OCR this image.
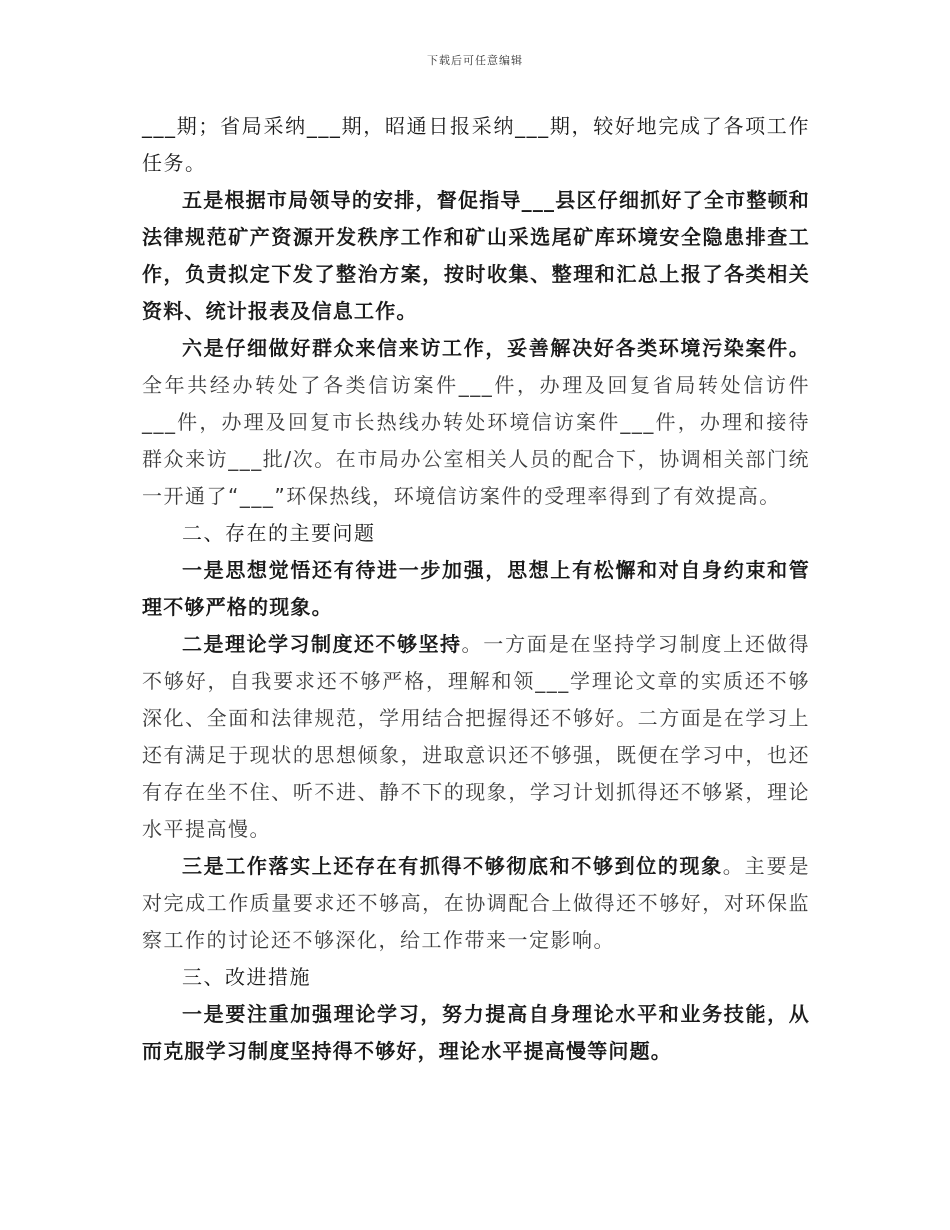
下载后可任意编辑

___期；省局采纳___期，昭通日报采纳___期，较好地完成了各项工作任务。

五是根据市局领导的安排，督促指导___县区仔细抓好了全市整顿和法律规范矿产资源开发秩序工作和矿山采选尾矿库环境安全隐患排查工作，负责拟定下发了整治方案，按时收集、整理和汇总上报了各类相关资料、统计报表及信息工作。

六是仔细做好群众来信来访工作，妥善解决好各类环境污染案件。全年共经办转处了各类信访案件___件，办理及回复省局转处信访件___件，办理及回复市长热线办转处环境信访案件___件，办理和接待群众来访___批/次。在市局办公室相关人员的配合下，协调相关部门统一开通了“___”环保热线，环境信访案件的受理率得到了有效提高。

二、存在的主要问题

一是思想觉悟还有待进一步加强，思想上有松懈和对自身约束和管理不够严格的现象。

二是理论学习制度还不够坚持。一方面是在坚持学习制度上还做得不够好，自我要求还不够严格，理解和领___学理论文章的实质还不够深化、全面和法律规范，学用结合把握得还不够好。二方面是在学习上还有满足于现状的思想倾象，进取意识还不够强，既便在学习中，也还有存在坐不住、听不进、静不下的现象，学习计划抓得还不够紧，理论水平提高慢。

三是工作落实上还存在有抓得不够彻底和不够到位的现象。主要是对完成工作质量要求还不够高，在协调配合上做得还不够好，对环保监察工作的讨论还不够深化，给工作带来一定影响。

三、改进措施

一是要注重加强理论学习，努力提高自身理论水平和业务技能，从而克服学习制度坚持得不够好，理论水平提高慢等问题。
